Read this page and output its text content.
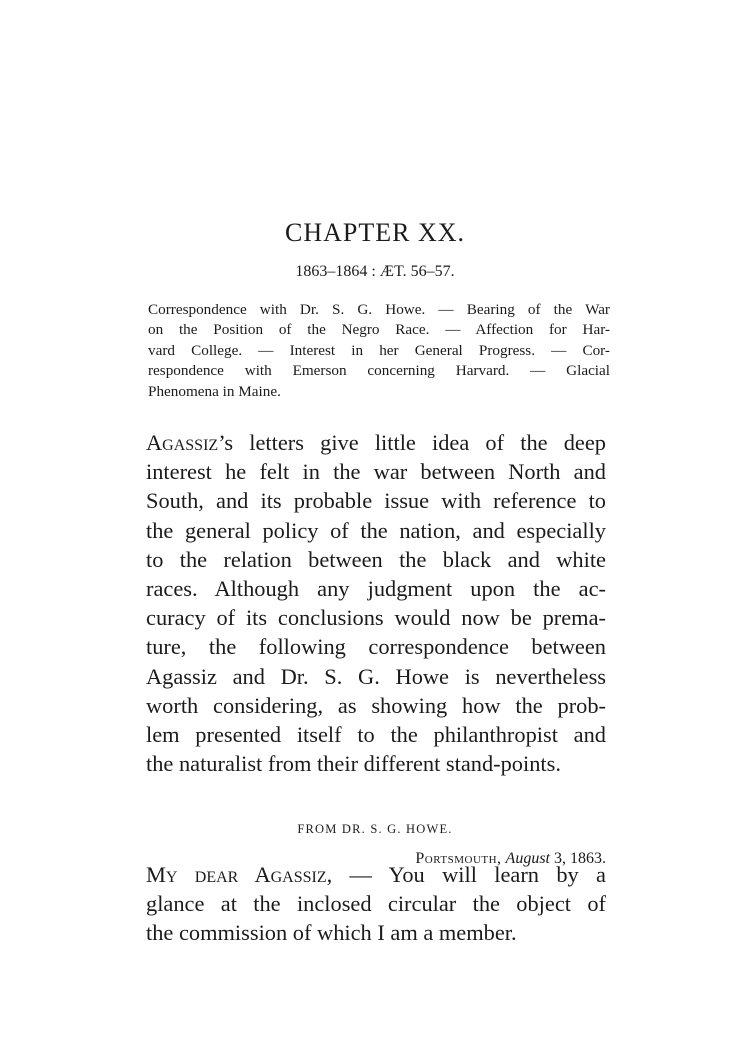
CHAPTER XX.
1863–1864 : ÆT. 56–57.
Correspondence with Dr. S. G. Howe. — Bearing of the War
on the Position of the Negro Race. — Affection for Har-
vard College. — Interest in her General Progress. — Cor-
respondence with Emerson concerning Harvard. — Glacial
Phenomena in Maine.
Agassiz’s letters give little idea of the deep
interest he felt in the war between North and
South, and its probable issue with reference to
the general policy of the nation, and especially
to the relation between the black and white
races. Although any judgment upon the ac-
curacy of its conclusions would now be prema-
ture, the following correspondence between
Agassiz and Dr. S. G. Howe is nevertheless
worth considering, as showing how the prob-
lem presented itself to the philanthropist and
the naturalist from their different stand-points.
FROM DR. S. G. HOWE.
Portsmouth, August 3, 1863.
My dear Agassiz, — You will learn by a
glance at the inclosed circular the object of
the commission of which I am a member.
